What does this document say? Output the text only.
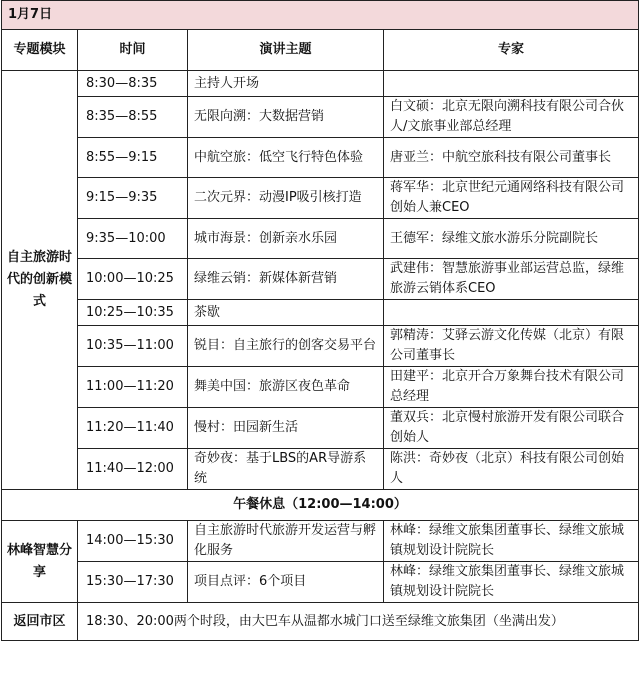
1月7日			
专题模块	时间	演讲主题	专家
自主旅游时代的创新模式	8:30—8:35	主持人开场	
	8:35—8:55	无限向溯：大数据营销	白文硕：北京无限向溯科技有限公司合伙人/文旅事业部总经理
	8:55—9:15	中航空旅：低空飞行特色体验	唐亚兰：中航空旅科技有限公司董事长
	9:15—9:35	二次元界：动漫IP吸引核打造	蒋军华：北京世纪元通网络科技有限公司创始人兼CEO
	9:35—10:00	城市海景：创新亲水乐园	王德军：绿维文旅水游乐分院副院长
	10:00—10:25	绿维云销：新媒体新营销	武建伟：智慧旅游事业部运营总监，绿维旅游云销体系CEO
	10:25—10:35	茶歇	
	10:35—11:00	锐目：自主旅行的创客交易平台	郭精涛：艾驿云游文化传媒（北京）有限公司董事长
	11:00—11:20	舞美中国：旅游区夜色革命	田建平：北京开合万象舞台技术有限公司总经理
	11:20—11:40	慢村：田园新生活	董双兵：北京慢村旅游开发有限公司联合创始人
	11:40—12:00	奇妙夜：基于LBS的AR导游系统	陈洪：奇妙夜（北京）科技有限公司创始人
午餐休息（12:00—14:00）			
林峰智慧分享	14:00—15:30	自主旅游时代旅游开发运营与孵化服务	林峰：绿维文旅集团董事长、绿维文旅城镇规划设计院院长
	15:30—17:30	项目点评：6个项目	林峰：绿维文旅集团董事长、绿维文旅城镇规划设计院院长
返回市区	18:30、20:00两个时段，由大巴车从温都水城门口送至绿维文旅集团（坐满出发）		
